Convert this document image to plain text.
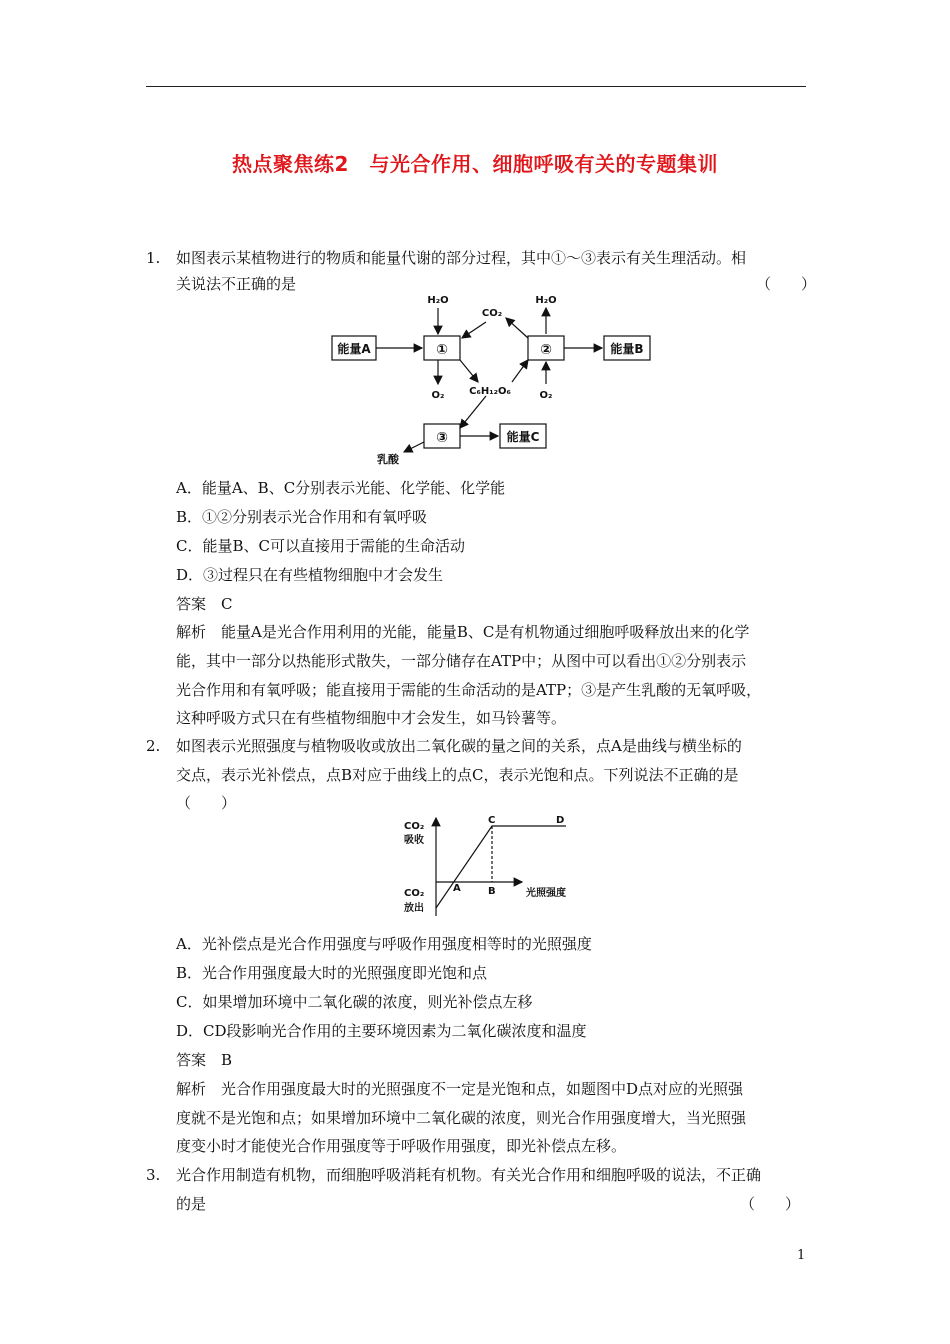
热点聚焦练2　与光合作用、细胞呼吸有关的专题集训
1. 如图表示某植物进行的物质和能量代谢的部分过程，其中①～③表示有关生理活动。相
关说法不正确的是	（　　）
能量A	①	②	能量B
③	能量C
H₂O	H₂O
CO₂
O₂	O₂
C₆H₁₂O₆
乳酸
A．能量A、B、C分别表示光能、化学能、化学能
B．①②分别表示光合作用和有氧呼吸
C．能量B、C可以直接用于需能的生命活动
D．③过程只在有些植物细胞中才会发生
答案　C
解析　能量A是光合作用利用的光能，能量B、C是有机物通过细胞呼吸释放出来的化学
能，其中一部分以热能形式散失，一部分储存在ATP中；从图中可以看出①②分别表示
光合作用和有氧呼吸；能直接用于需能的生命活动的是ATP；③是产生乳酸的无氧呼吸，
这种呼吸方式只在有些植物细胞中才会发生，如马铃薯等。
2. 如图表示光照强度与植物吸收或放出二氧化碳的量之间的关系，点A是曲线与横坐标的
交点，表示光补偿点，点B对应于曲线上的点C，表示光饱和点。下列说法不正确的是
（　　）
CO₂
吸收
CO₂
放出
光照强度
A	B
C	D
A．光补偿点是光合作用强度与呼吸作用强度相等时的光照强度
B．光合作用强度最大时的光照强度即光饱和点
C．如果增加环境中二氧化碳的浓度，则光补偿点左移
D．CD段影响光合作用的主要环境因素为二氧化碳浓度和温度
答案　B
解析　光合作用强度最大时的光照强度不一定是光饱和点，如题图中D点对应的光照强
度就不是光饱和点；如果增加环境中二氧化碳的浓度，则光合作用强度增大，当光照强
度变小时才能使光合作用强度等于呼吸作用强度，即光补偿点左移。
3. 光合作用制造有机物，而细胞呼吸消耗有机物。有关光合作用和细胞呼吸的说法，不正确
的是	（　　）
1
